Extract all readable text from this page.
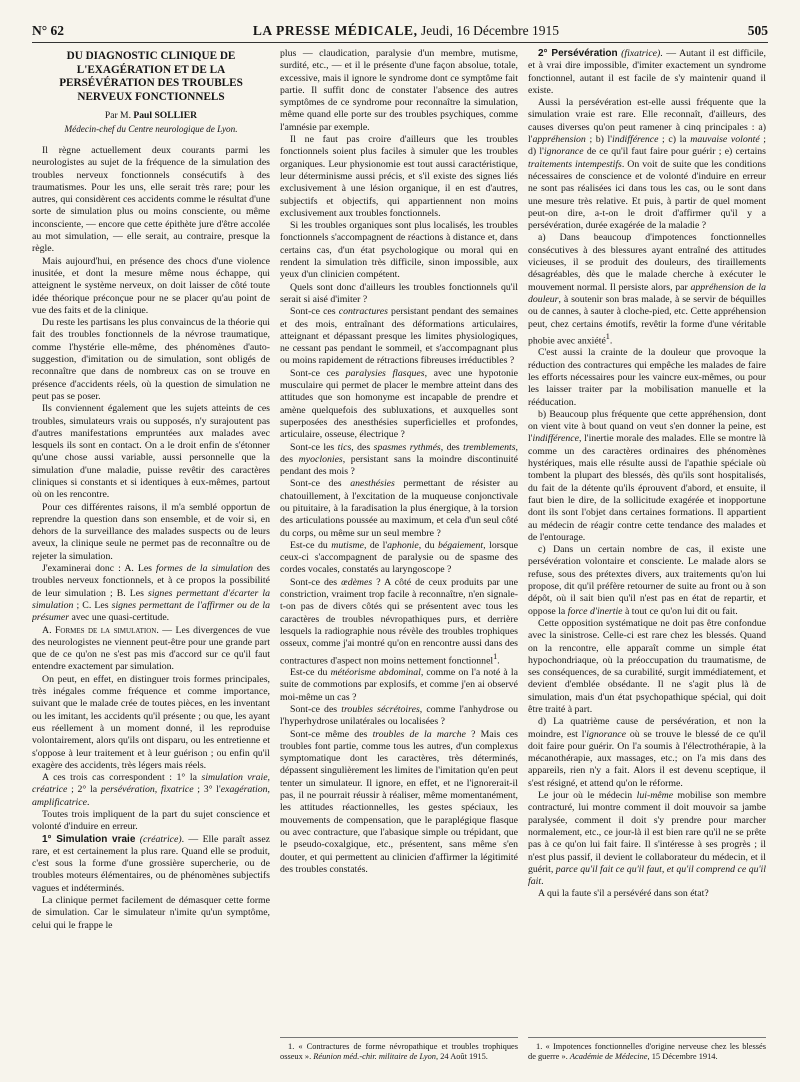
N° 62	LA PRESSE MÉDICALE, Jeudi, 16 Décembre 1915	505
DU DIAGNOSTIC CLINIQUE DE L'EXAGÉRATION ET DE LA PERSÉVÉRATION DES TROUBLES NERVEUX FONCTIONNELS
Par M. Paul SOLLIER
Médecin-chef du Centre neurologique de Lyon.

Il règne actuellement deux courants parmi les neurologistes au sujet de la fréquence de la simulation des troubles nerveux fonctionnels consécutifs à des traumatismes. Pour les uns, elle serait très rare; pour les autres, qui considèrent ces accidents comme le résultat d'une sorte de simulation plus ou moins consciente, ou même inconsciente, — encore que cette épithète jure d'être accolée au mot simulation, — elle serait, au contraire, presque la règle.

Mais aujourd'hui, en présence des chocs d'une violence inusitée, et dont la mesure même nous échappe, qui atteignent le système nerveux, on doit laisser de côté toute idée théorique préconçue pour ne se placer qu'au point de vue des faits et de la clinique.

Du reste les partisans les plus convaincus de la théorie qui fait des troubles fonctionnels de la névrose traumatique, comme l'hystérie elle-même, des phénomènes d'auto-suggestion, d'imitation ou de simulation, sont obligés de reconnaître que dans de nombreux cas on se trouve en présence d'accidents réels, où la question de simulation ne peut pas se poser.

Ils conviennent également que les sujets atteints de ces troubles, simulateurs vrais ou supposés, n'y surajoutent pas d'autres manifestations empruntées aux malades avec lesquels ils sont en contact. On a le droit enfin de s'étonner qu'une chose aussi variable, aussi personnelle que la simulation d'une maladie, puisse revêtir des caractères cliniques si constants et si identiques à eux-mêmes, partout où on les rencontre.

Pour ces différentes raisons, il m'a semblé opportun de reprendre la question dans son ensemble, et de voir si, en dehors de la surveillance des malades suspects ou de leurs aveux, la clinique seule ne permet pas de reconnaître ou de rejeter la simulation.

J'examinerai donc : A. Les formes de la simulation des troubles nerveux fonctionnels, et à ce propos la possibilité de leur simulation ; B. Les signes permettant d'écarter la simulation ; C. Les signes permettant de l'affirmer ou de la présumer avec une quasi-certitude.

A. Formes de la simulation. — Les divergences de vue des neurologistes ne viennent peut-être pour une grande part que de ce qu'on ne s'est pas mis d'accord sur ce qu'il faut entendre exactement par simulation.

On peut, en effet, en distinguer trois formes principales, très inégales comme fréquence et comme importance, suivant que le malade crée de toutes pièces, en les inventant ou les imitant, les accidents qu'il présente ; ou que, les ayant eus réellement à un moment donné, il les reproduise volontairement, alors qu'ils ont disparu, ou les entretienne et s'oppose à leur traitement et à leur guérison ; ou enfin qu'il exagère des accidents, très légers mais réels.

A ces trois cas correspondent : 1° la simulation vraie, créatrice ; 2° la persévération, fixatrice ; 3° l'exagération, amplificatrice.

Toutes trois impliquent de la part du sujet conscience et volonté d'induire en erreur.

1° Simulation vraie (créatrice). — Elle paraît assez rare, et est certainement la plus rare. Quand elle se produit, c'est sous la forme d'une grossière supercherie, ou de troubles moteurs élémentaires, ou de phénomènes subjectifs vagues et indéterminés.

La clinique permet facilement de démasquer cette forme de simulation. Car le simulateur n'imite qu'un symptôme, celui qui le frappe le

plus — claudication, paralysie d'un membre, mutisme, surdité, etc., — et il le présente d'une façon absolue, totale, excessive, mais il ignore le syndrome dont ce symptôme fait partie. Il suffit donc de constater l'absence des autres symptômes de ce syndrome pour reconnaître la simulation, même quand elle porte sur des troubles psychiques, comme l'amnésie par exemple.

Il ne faut pas croire d'ailleurs que les troubles fonctionnels soient plus faciles à simuler que les troubles organiques. Leur physionomie est tout aussi caractéristique, leur déterminisme aussi précis, et s'il existe des signes liés exclusivement à une lésion organique, il en est d'autres, subjectifs et objectifs, qui appartiennent non moins exclusivement aux troubles fonctionnels.

Si les troubles organiques sont plus localisés, les troubles fonctionnels s'accompagnent de réactions à distance et, dans certains cas, d'un état psychologique ou moral qui en rendent la simulation très difficile, sinon impossible, aux yeux d'un clinicien compétent.

Quels sont donc d'ailleurs les troubles fonctionnels qu'il serait si aisé d'imiter ?

Sont-ce ces contractures persistant pendant des semaines et des mois, entraînant des déformations articulaires, atteignant et dépassant presque les limites physiologiques, ne cessant pas pendant le sommeil, et s'accompagnant plus ou moins rapidement de rétractions fibreuses irréductibles ?

Sont-ce ces paralysies flasques, avec une hypotonie musculaire qui permet de placer le membre atteint dans des attitudes que son homonyme est incapable de prendre et amène quelquefois des subluxations, et auxquelles sont superposées des anesthésies superficielles et profondes, articulaire, osseuse, électrique ?

Sont-ce les tics, des spasmes rythmés, des tremblements, des myoclonies, persistant sans la moindre discontinuité pendant des mois ?

Sont-ce des anesthésies permettant de résister au chatouillement, à l'excitation de la muqueuse conjonctivale ou pituitaire, à la faradisation la plus énergique, à la torsion des articulations poussée au maximum, et cela d'un seul côté du corps, ou même sur un seul membre ?

Est-ce du mutisme, de l'aphonie, du bégaiement, lorsque ceux-ci s'accompagnent de paralysie ou de spasme des cordes vocales, constatés au laryngoscope ?

Sont-ce des œdèmes ? A côté de ceux produits par une constriction, vraiment trop facile à reconnaître, n'en signale-t-on pas de divers côtés qui se présentent avec tous les caractères de troubles névropathiques purs, et derrière lesquels la radiographie nous révèle des troubles trophiques osseux, comme j'ai montré qu'on en rencontre aussi dans des contractures d'aspect non moins nettement fonctionnel$^1$.

Est-ce du météorisme abdominal, comme on l'a noté à la suite de commotions par explosifs, et comme j'en ai observé moi-même un cas ?

Sont-ce des troubles sécrétoires, comme l'anhydrose ou l'hyperhydrose unilatérales ou localisées ?

Sont-ce même des troubles de la marche ? Mais ces troubles font partie, comme tous les autres, d'un complexus symptomatique dont les caractères, très déterminés, dépassent singulièrement les limites de l'imitation qu'en peut tenter un simulateur. Il ignore, en effet, et ne l'ignorerait-il pas, il ne pourrait réussir à réaliser, même momentanément, les attitudes réactionnelles, les gestes spéciaux, les mouvements de compensation, que le paraplégique flasque ou avec contracture, que l'abasique simple ou trépidant, que le pseudo-coxalgique, etc., présentent, sans même s'en douter, et qui permettent au clinicien d'affirmer la légitimité des troubles constatés.

1. « Contractures de forme névropathique et troubles trophiques osseux ». Réunion méd.-chir. militaire de Lyon, 24 Août 1915.

2° Persévération (fixatrice). — Autant il est difficile, et à vrai dire impossible, d'imiter exactement un syndrome fonctionnel, autant il est facile de s'y maintenir quand il existe.

Aussi la persévération est-elle aussi fréquente que la simulation vraie est rare. Elle reconnaît, d'ailleurs, des causes diverses qu'on peut ramener à cinq principales : a) l'appréhension ; b) l'indifférence ; c) la mauvaise volonté ; d) l'ignorance de ce qu'il faut faire pour guérir ; e) certains traitements intempestifs. On voit de suite que les conditions nécessaires de conscience et de volonté d'induire en erreur ne sont pas réalisées ici dans tous les cas, ou le sont dans une mesure très relative. Et puis, à partir de quel moment peut-on dire, a-t-on le droit d'affirmer qu'il y a persévération, durée exagérée de la maladie ?

a) Dans beaucoup d'impotences fonctionnelles consécutives à des blessures ayant entraîné des attitudes vicieuses, il se produit des douleurs, des tiraillements désagréables, dès que le malade cherche à exécuter le mouvement normal. Il persiste alors, par appréhension de la douleur, à soutenir son bras malade, à se servir de béquilles ou de cannes, à sauter à cloche-pied, etc. Cette appréhension peut, chez certains émotifs, revêtir la forme d'une véritable phobie avec anxiété$^1$.

C'est aussi la crainte de la douleur que provoque la réduction des contractures qui empêche les malades de faire les efforts nécessaires pour les vaincre eux-mêmes, ou pour les laisser traiter par la mobilisation manuelle et la rééducation.

b) Beaucoup plus fréquente que cette appréhension, dont on vient vite à bout quand on veut s'en donner la peine, est l'indifférence, l'inertie morale des malades. Elle se montre là comme un des caractères ordinaires des phénomènes hystériques, mais elle résulte aussi de l'apathie spéciale où tombent la plupart des blessés, dès qu'ils sont hospitalisés, du fait de la détente qu'ils éprouvent d'abord, et ensuite, il faut bien le dire, de la sollicitude exagérée et inopportune dont ils sont l'objet dans certaines formations. Il appartient au médecin de réagir contre cette tendance des malades et de l'entourage.

c) Dans un certain nombre de cas, il existe une persévération volontaire et consciente. Le malade alors se refuse, sous des prétextes divers, aux traitements qu'on lui propose, dit qu'il préfère retourner de suite au front ou à son dépôt, où il sait bien qu'il n'est pas en état de repartir, et oppose la force d'inertie à tout ce qu'on lui dit ou fait.

Cette opposition systématique ne doit pas être confondue avec la sinistrose. Celle-ci est rare chez les blessés. Quand on la rencontre, elle apparaît comme un simple état hypochondriaque, où la préoccupation du traumatisme, de ses conséquences, de sa curabilité, surgit immédiatement, et devient d'emblée obsédante. Il ne s'agit plus là de simulation, mais d'un état psychopathique spécial, qui doit être traité à part.

d) La quatrième cause de persévération, et non la moindre, est l'ignorance où se trouve le blessé de ce qu'il doit faire pour guérir. On l'a soumis à l'électrothérapie, à la mécanothérapie, aux massages, etc.; on l'a mis dans des appareils, rien n'y a fait. Alors il est devenu sceptique, il s'est résigné, et attend qu'on le réforme.

Le jour où le médecin lui-même mobilise son membre contracturé, lui montre comment il doit mouvoir sa jambe paralysée, comment il doit s'y prendre pour marcher normalement, etc., ce jour-là il est bien rare qu'il ne se prête pas à ce qu'on lui fait faire. Il s'intéresse à ses progrès ; il n'est plus passif, il devient le collaborateur du médecin, et il guérit, parce qu'il fait ce qu'il faut, et qu'il comprend ce qu'il fait.

A qui la faute s'il a persévéré dans son état?

1. « Impotences fonctionnelles d'origine nerveuse chez les blessés de guerre ». Académie de Médecine, 15 Décembre 1914.
